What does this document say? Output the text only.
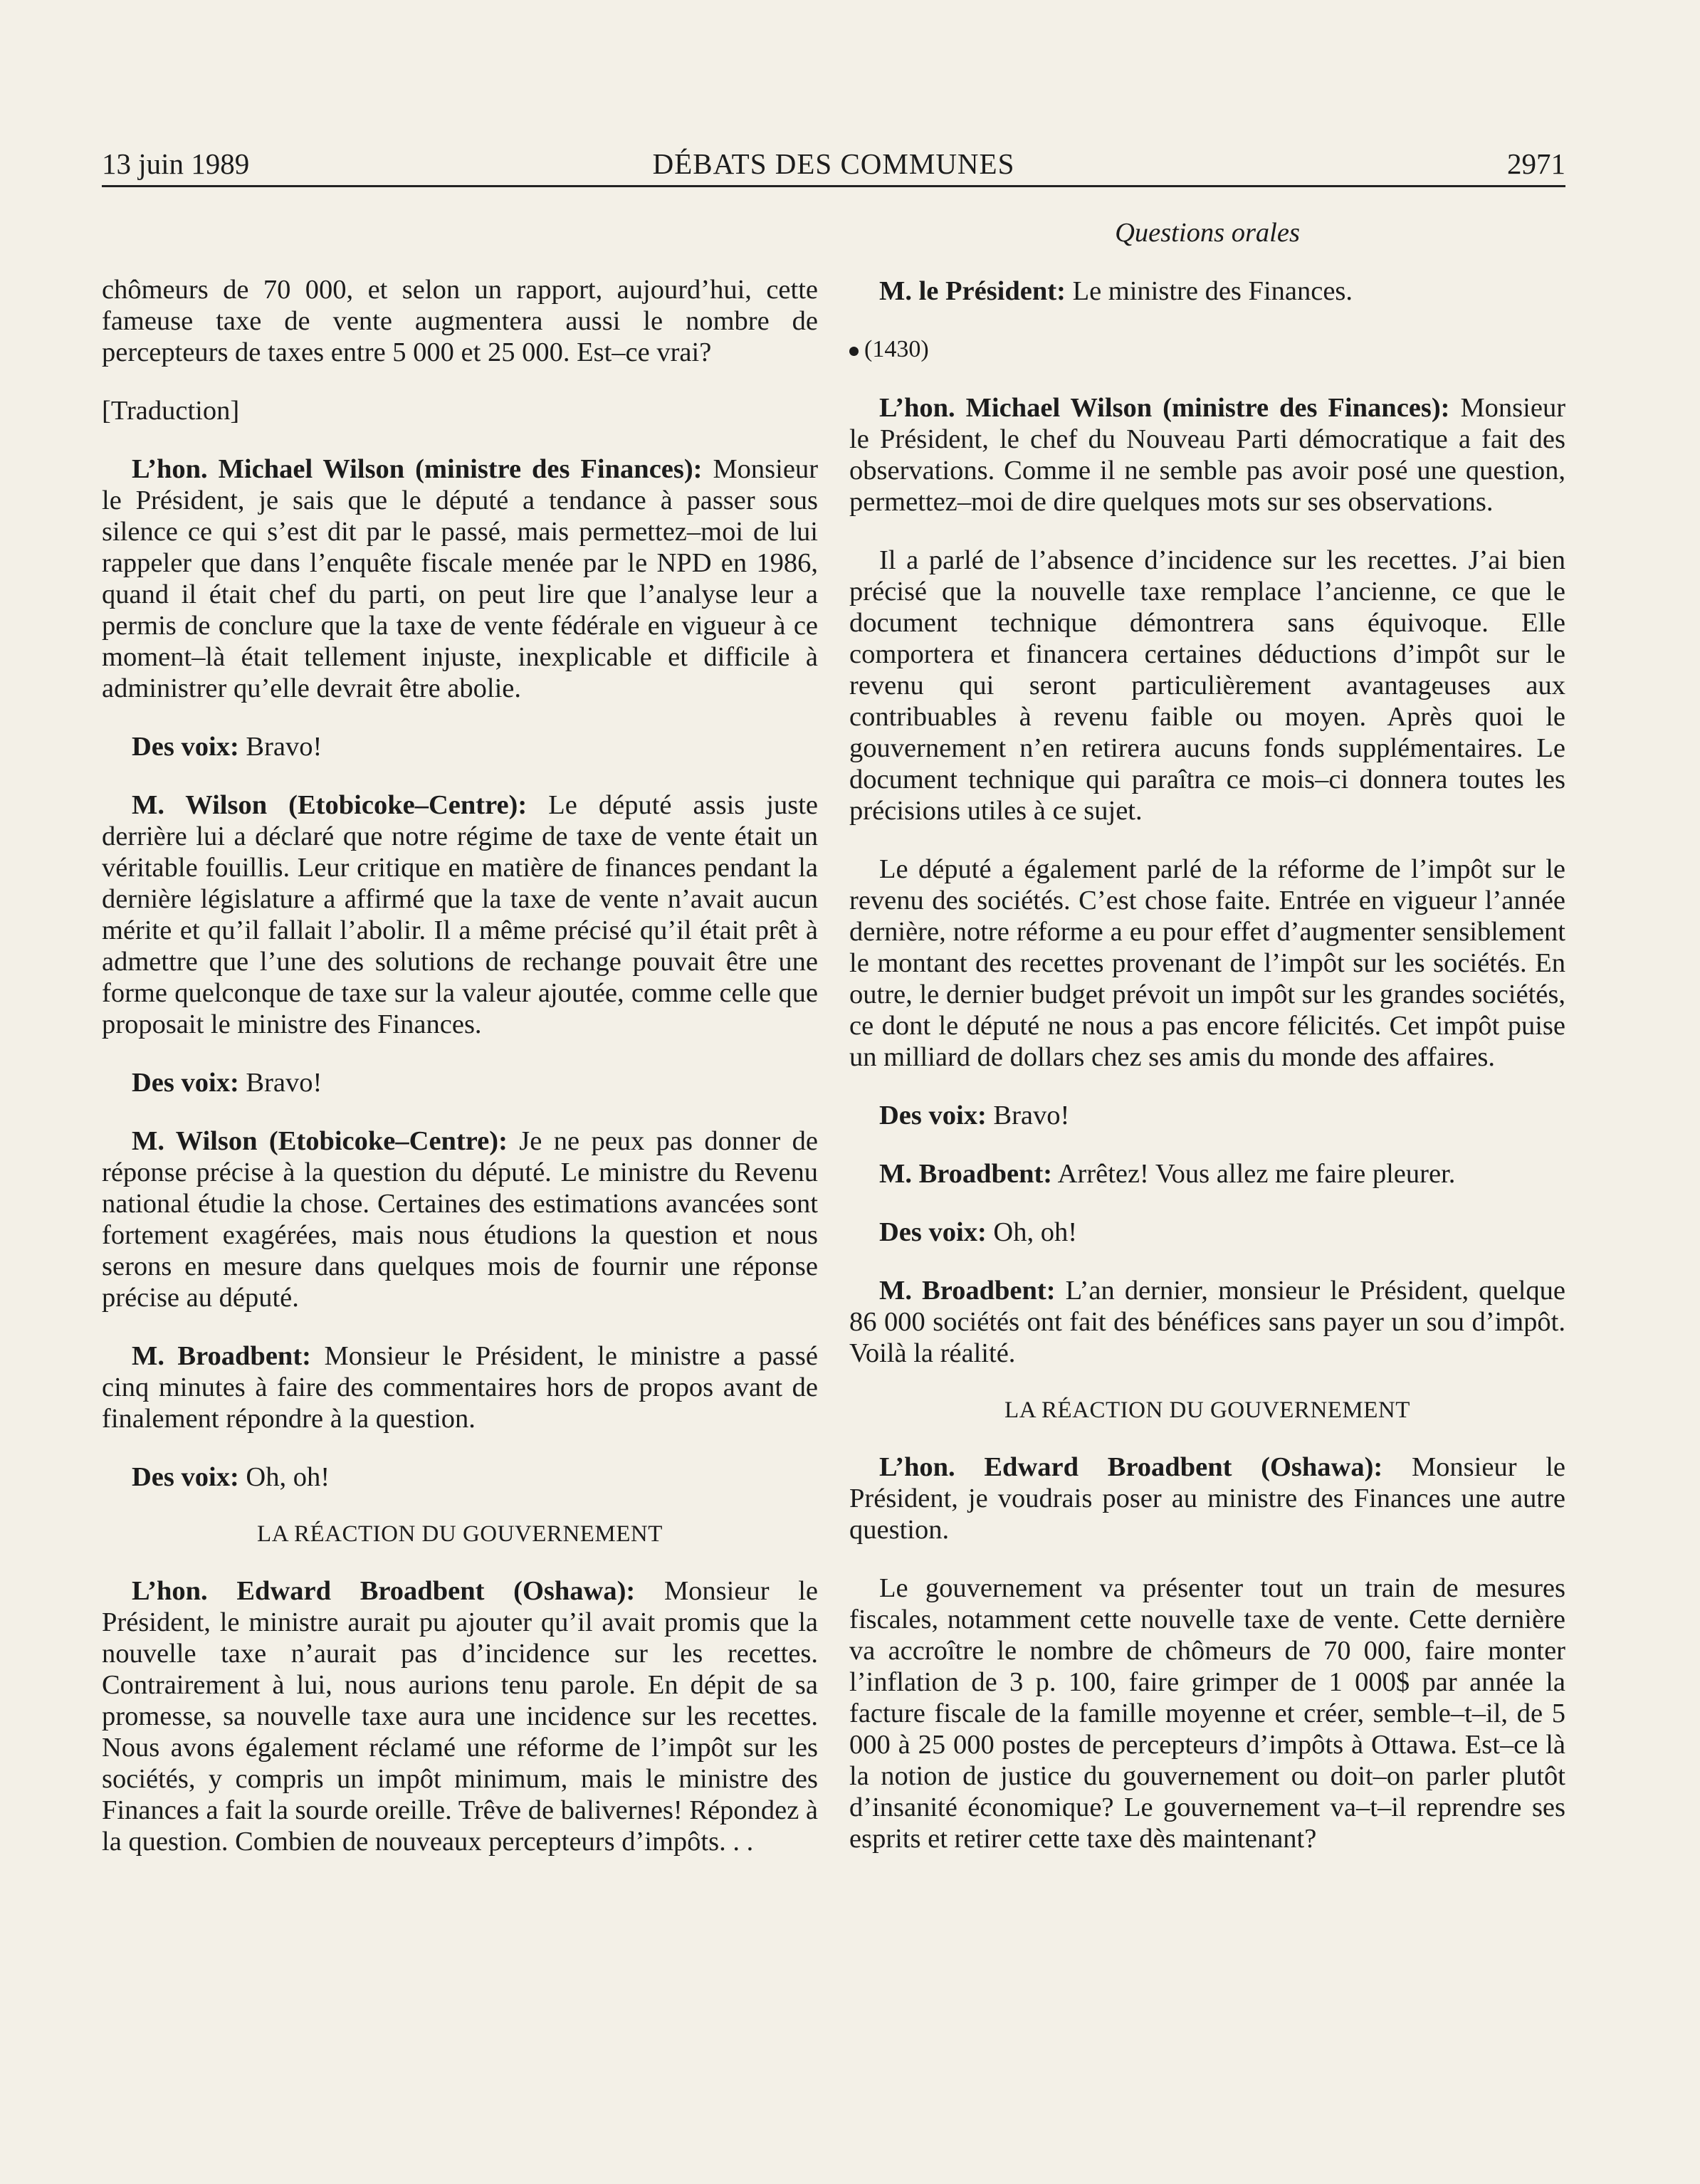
13 juin 1989	DÉBATS DES COMMUNES	2971

chômeurs de 70 000, et selon un rapport, aujourd’hui, cette fameuse taxe de vente augmentera aussi le nombre de percepteurs de taxes entre 5 000 et 25 000. Est–ce vrai?

[Traduction]

L’hon. Michael Wilson (ministre des Finances): Monsieur le Président, je sais que le député a tendance à passer sous silence ce qui s’est dit par le passé, mais permettez–moi de lui rappeler que dans l’enquête fiscale menée par le NPD en 1986, quand il était chef du parti, on peut lire que l’analyse leur a permis de conclure que la taxe de vente fédérale en vigueur à ce moment–là était tellement injuste, inexplicable et difficile à administrer qu’elle devrait être abolie.

Des voix: Bravo!

M. Wilson (Etobicoke–Centre): Le député assis juste derrière lui a déclaré que notre régime de taxe de vente était un véritable fouillis. Leur critique en matière de finances pendant la dernière législature a affirmé que la taxe de vente n’avait aucun mérite et qu’il fallait l’abolir. Il a même précisé qu’il était prêt à admettre que l’une des solutions de rechange pouvait être une forme quelconque de taxe sur la valeur ajoutée, comme celle que proposait le ministre des Finances.

Des voix: Bravo!

M. Wilson (Etobicoke–Centre): Je ne peux pas donner de réponse précise à la question du député. Le ministre du Revenu national étudie la chose. Certaines des estimations avancées sont fortement exagérées, mais nous étudions la question et nous serons en mesure dans quelques mois de fournir une réponse précise au député.

M. Broadbent: Monsieur le Président, le ministre a passé cinq minutes à faire des commentaires hors de propos avant de finalement répondre à la question.

Des voix: Oh, oh!

LA RÉACTION DU GOUVERNEMENT

L’hon. Edward Broadbent (Oshawa): Monsieur le Président, le ministre aurait pu ajouter qu’il avait promis que la nouvelle taxe n’aurait pas d’incidence sur les recettes. Contrairement à lui, nous aurions tenu parole. En dépit de sa promesse, sa nouvelle taxe aura une incidence sur les recettes. Nous avons également réclamé une réforme de l’impôt sur les sociétés, y compris un impôt minimum, mais le ministre des Finances a fait la sourde oreille. Trêve de balivernes! Répondez à la question. Combien de nouveaux percepteurs d’impôts. . .

Questions orales

M. le Président: Le ministre des Finances.

(1430)

L’hon. Michael Wilson (ministre des Finances): Monsieur le Président, le chef du Nouveau Parti démocratique a fait des observations. Comme il ne semble pas avoir posé une question, permettez–moi de dire quelques mots sur ses observations.

Il a parlé de l’absence d’incidence sur les recettes. J’ai bien précisé que la nouvelle taxe remplace l’ancienne, ce que le document technique démontrera sans équivoque. Elle comportera et financera certaines déductions d’impôt sur le revenu qui seront particulièrement avantageuses aux contribuables à revenu faible ou moyen. Après quoi le gouvernement n’en retirera aucuns fonds supplémentaires. Le document technique qui paraîtra ce mois–ci donnera toutes les précisions utiles à ce sujet.

Le député a également parlé de la réforme de l’impôt sur le revenu des sociétés. C’est chose faite. Entrée en vigueur l’année dernière, notre réforme a eu pour effet d’augmenter sensiblement le montant des recettes provenant de l’impôt sur les sociétés. En outre, le dernier budget prévoit un impôt sur les grandes sociétés, ce dont le député ne nous a pas encore félicités. Cet impôt puise un milliard de dollars chez ses amis du monde des affaires.

Des voix: Bravo!

M. Broadbent: Arrêtez! Vous allez me faire pleurer.

Des voix: Oh, oh!

M. Broadbent: L’an dernier, monsieur le Président, quelque 86 000 sociétés ont fait des bénéfices sans payer un sou d’impôt. Voilà la réalité.

LA RÉACTION DU GOUVERNEMENT

L’hon. Edward Broadbent (Oshawa): Monsieur le Président, je voudrais poser au ministre des Finances une autre question.

Le gouvernement va présenter tout un train de mesures fiscales, notamment cette nouvelle taxe de vente. Cette dernière va accroître le nombre de chômeurs de 70 000, faire monter l’inflation de 3 p. 100, faire grimper de 1 000$ par année la facture fiscale de la famille moyenne et créer, semble–t–il, de 5 000 à 25 000 postes de percepteurs d’impôts à Ottawa. Est–ce là la notion de justice du gouvernement ou doit–on parler plutôt d’insanité économique? Le gouvernement va–t–il reprendre ses esprits et retirer cette taxe dès maintenant?
